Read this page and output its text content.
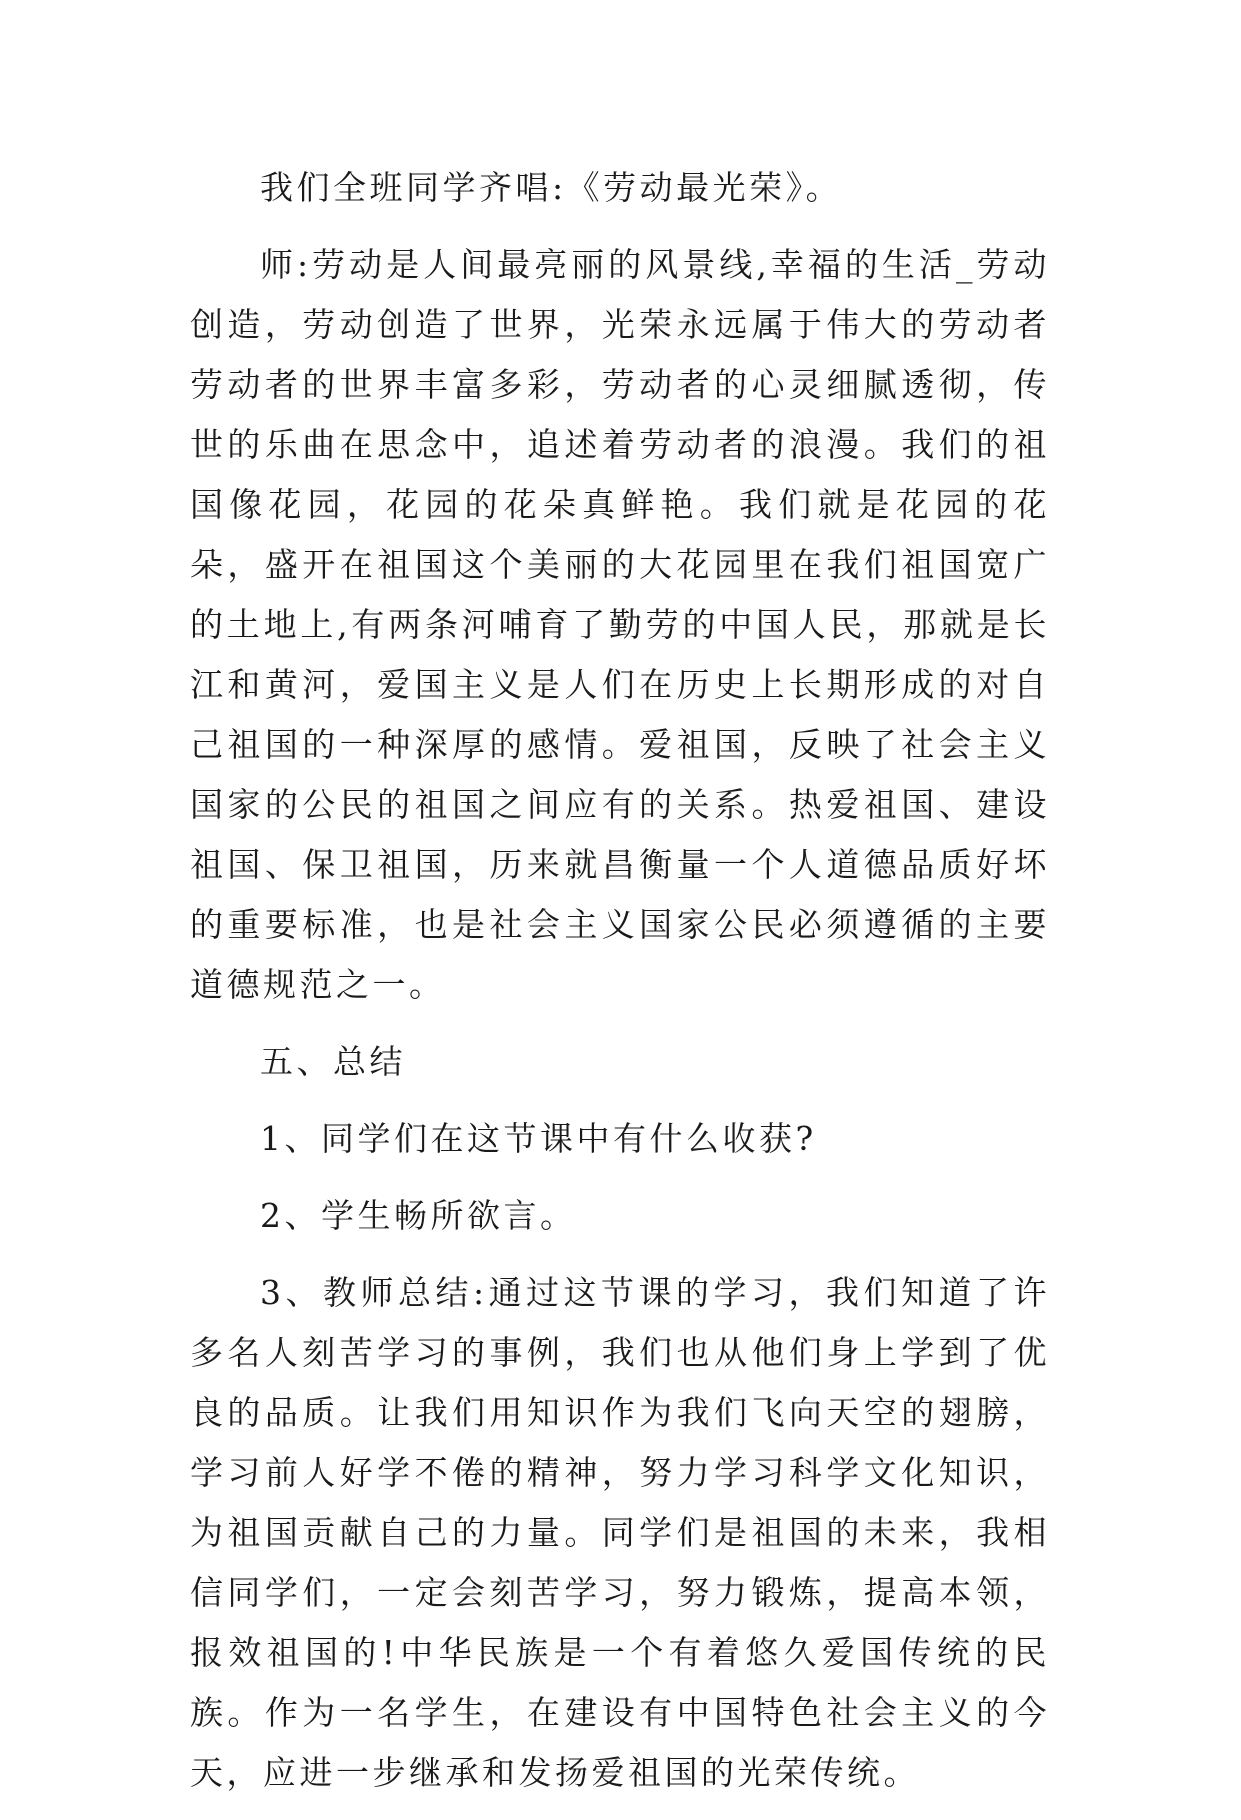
我们全班同学齐唱:《劳动最光荣》。

师:劳动是人间最亮丽的风景线,幸福的生活_劳动创造，劳动创造了世界，光荣永远属于伟大的劳动者劳动者的世界丰富多彩，劳动者的心灵细腻透彻，传世的乐曲在思念中，追述着劳动者的浪漫。我们的祖国像花园，花园的花朵真鲜艳。我们就是花园的花朵，盛开在祖国这个美丽的大花园里在我们祖国宽广的土地上,有两条河哺育了勤劳的中国人民，那就是长江和黄河，爱国主义是人们在历史上长期形成的对自己祖国的一种深厚的感情。爱祖国，反映了社会主义国家的公民的祖国之间应有的关系。热爱祖国、建设祖国、保卫祖国，历来就昌衡量一个人道德品质好坏的重要标准，也是社会主义国家公民必须遵循的主要道德规范之一。

五、总结

1、同学们在这节课中有什么收获?

2、学生畅所欲言。

3、教师总结:通过这节课的学习，我们知道了许多名人刻苦学习的事例，我们也从他们身上学到了优良的品质。让我们用知识作为我们飞向天空的翅膀，学习前人好学不倦的精神，努力学习科学文化知识，为祖国贡献自己的力量。同学们是祖国的未来，我相信同学们，一定会刻苦学习，努力锻炼，提高本领，报效祖国的!中华民族是一个有着悠久爱国传统的民族。作为一名学生，在建设有中国特色社会主义的今天，应进一步继承和发扬爱祖国的光荣传统。
